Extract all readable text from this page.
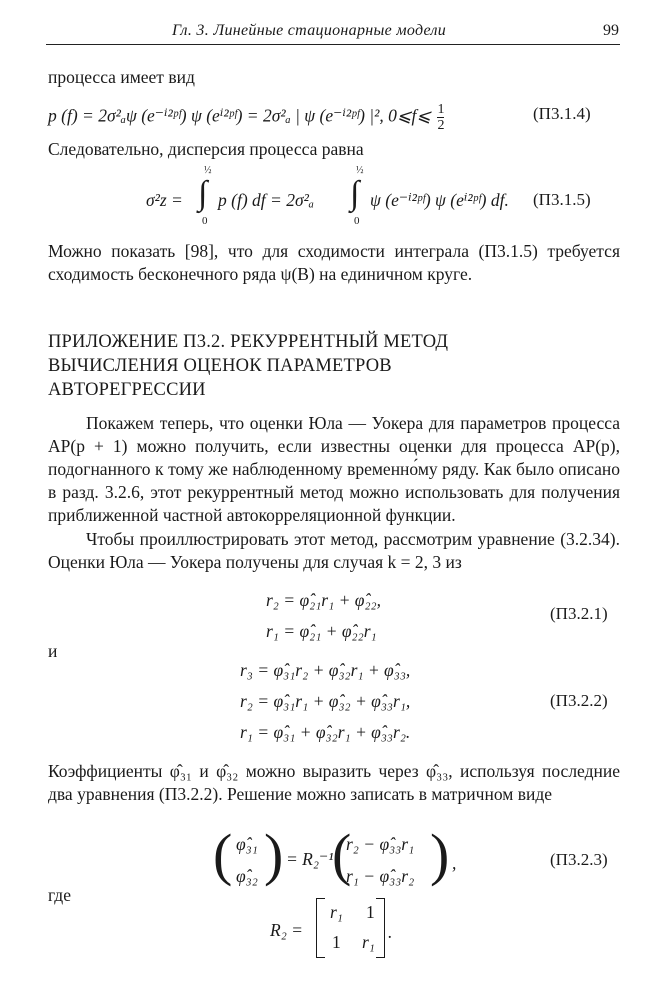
Гл. 3. Линейные стационарные модели	99
процесса имеет вид
p (f) = 2σ²ₐψ (e⁻ⁱ²ᵖᶠ) ψ (eⁱ²ᵖᶠ) = 2σ²ₐ | ψ (e⁻ⁱ²ᵖᶠ) |², 0⩽f⩽ $\frac{1}{2}$	(П3.1.4)
Следовательно, дисперсия процесса равна
σ²z =
½
∫
0
p (f) df = 2σ²ₐ
½
∫
0
ψ (e⁻ⁱ²ᵖᶠ) ψ (eⁱ²ᵖᶠ) df. (П3.1.5)
Можно показать [98], что для сходимости интеграла (П3.1.5) требуется сходимость бесконечного ряда ψ(B) на единичном круге.
ПРИЛОЖЕНИЕ П3.2. РЕКУРРЕНТНЫЙ МЕТОД
ВЫЧИСЛЕНИЯ ОЦЕНОК ПАРАМЕТРОВ
АВТОРЕГРЕССИИ
Покажем теперь, что оценки Юла — Уокера для параметров процесса АР(p + 1) можно получить, если известны оценки для процесса АР(p), подогнанного к тому же наблюденному временно́му ряду. Как было описано в разд. 3.2.6, этот рекуррентный метод можно использовать для получения приближенной частной автокорреляционной функции.
Чтобы проиллюстрировать этот метод, рассмотрим уравнение (3.2.34). Оценки Юла — Уокера получены для случая k = 2, 3 из
r₂ = φ̂₂₁r₁ + φ̂₂₂,
r₁ = φ̂₂₁ + φ̂₂₂r₁
(П3.2.1)
и
r₃ = φ̂₃₁r₂ + φ̂₃₂r₁ + φ̂₃₃,
r₂ = φ̂₃₁r₁ + φ̂₃₂ + φ̂₃₃r₁,
r₁ = φ̂₃₁ + φ̂₃₂r₁ + φ̂₃₃r₂.
(П3.2.2)
Коэффициенты φ̂₃₁ и φ̂₃₂ можно выразить через φ̂₃₃, используя последние два уравнения (П3.2.2). Решение можно записать в матричном виде
( φ̂₃₁
φ̂₃₂ ) = R₂⁻¹
(
r₂ − φ̂₃₃r₁
r₁ − φ̂₃₃r₂ ) ,	(П3.2.3)
где
R₂ =
r₁ 1
1 r₁ .
